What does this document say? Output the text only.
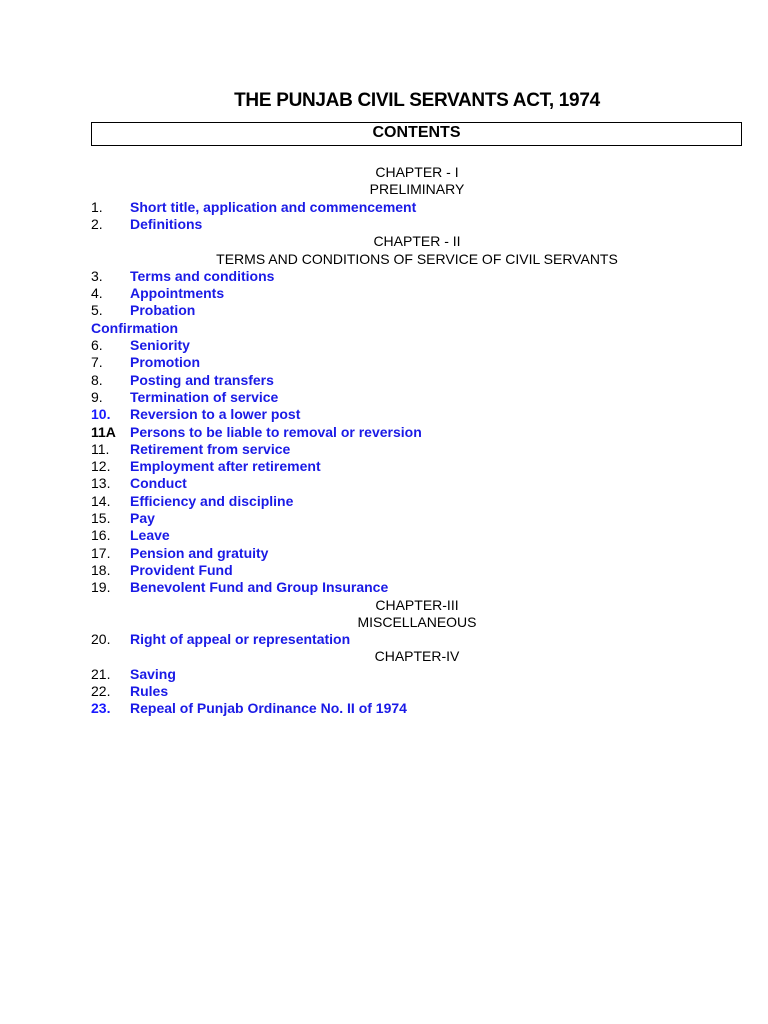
THE PUNJAB CIVIL SERVANTS ACT, 1974
CONTENTS
CHAPTER - I
PRELIMINARY
1. Short title, application and commencement
2. Definitions
CHAPTER - II
TERMS AND CONDITIONS OF SERVICE OF CIVIL SERVANTS
3. Terms and conditions
4. Appointments
5. Probation
Confirmation
6. Seniority
7. Promotion
8. Posting and transfers
9. Termination of service
10. Reversion to a lower post
11A Persons to be liable to removal or reversion
11. Retirement from service
12. Employment after retirement
13. Conduct
14. Efficiency and discipline
15. Pay
16. Leave
17. Pension and gratuity
18. Provident Fund
19. Benevolent Fund and Group Insurance
CHAPTER-III
MISCELLANEOUS
20. Right of appeal or representation
CHAPTER-IV
21. Saving
22. Rules
23. Repeal of Punjab Ordinance No. II of 1974
